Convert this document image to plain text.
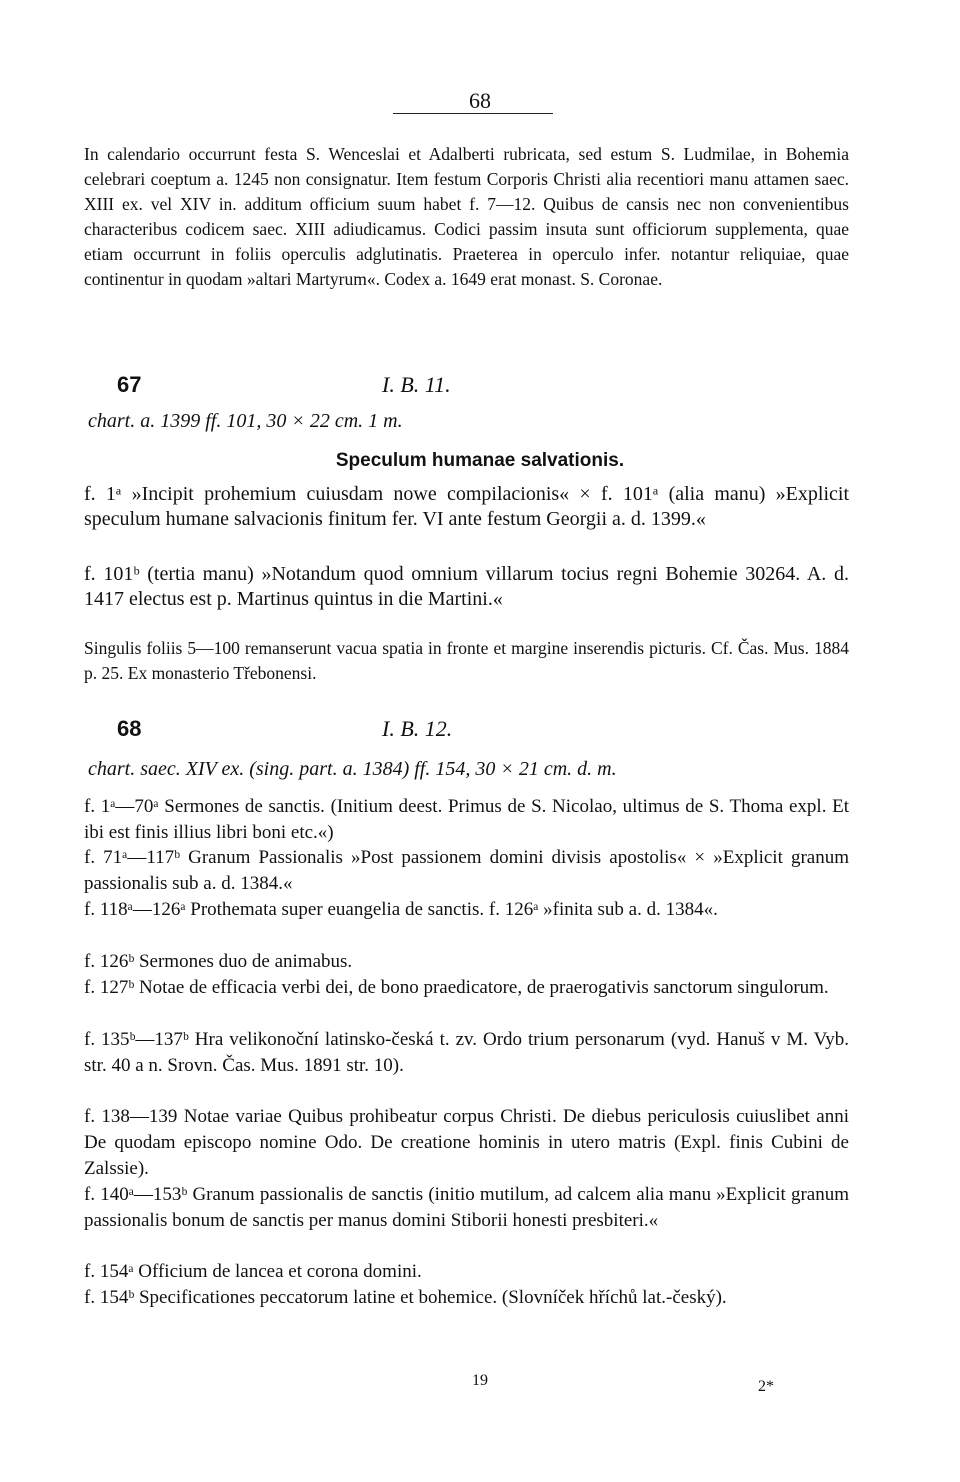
68
In calendario occurrunt festa S. Wenceslai et Adalberti rubricata, sed estum S. Ludmilae, in Bohemia celebrari coeptum a. 1245 non consignatur. Item festum Corporis Christi alia recentiori manu attamen saec. XIII ex. vel XIV in. additum officium suum habet f. 7—12. Quibus de cansis nec non convenientibus characteribus codicem saec. XIII adiudicamus. Codici passim insuta sunt officiorum supplementa, quae etiam occurrunt in foliis operculis adglutinatis. Praeterea in operculo infer. notantur reliquiae, quae continentur in quodam »altari Martyrum«. Codex a. 1649 erat monast. S. Coronae.
67	I. B. 11.
chart. a. 1399 ff. 101, 30 × 22 cm. 1 m.
Speculum humanae salvationis.
f. 1ᵃ »Incipit prohemium cuiusdam nowe compilacionis« × f. 101ᵃ (alia manu) »Explicit speculum humane salvacionis finitum fer. VI ante festum Georgii a. d. 1399.«
f. 101ᵇ (tertia manu) »Notandum quod omnium villarum tocius regni Bohemie 30264. A. d. 1417 electus est p. Martinus quintus in die Martini.«
Singulis foliis 5—100 remanserunt vacua spatia in fronte et margine inserendis picturis. Cf. Čas. Mus. 1884 p. 25. Ex monasterio Třebonensi.
68	I. B. 12.
chart. saec. XIV ex. (sing. part. a. 1384) ff. 154, 30 × 21 cm. d. m.
f. 1ᵃ—70ᵃ Sermones de sanctis. (Initium deest. Primus de S. Nicolao, ultimus de S. Thoma expl. Et ibi est finis illius libri boni etc.«)
f. 71ᵃ—117ᵇ Granum Passionalis »Post passionem domini divisis apostolis« × »Explicit granum passionalis sub a. d. 1384.«
f. 118ᵃ—126ᵃ Prothemata super euangelia de sanctis. f. 126ᵃ »finita sub a. d. 1384«.
f. 126ᵇ Sermones duo de animabus.
f. 127ᵇ Notae de efficacia verbi dei, de bono praedicatore, de praerogativis sanctorum singulorum.
f. 135ᵇ—137ᵇ Hra velikonoční latinsko-česká t. zv. Ordo trium personarum (vyd. Hanuš v M. Vyb. str. 40 a n. Srovn. Čas. Mus. 1891 str. 10).
f. 138—139 Notae variae Quibus prohibeatur corpus Christi. De diebus periculosis cuiuslibet anni De quodam episcopo nomine Odo. De creatione hominis in utero matris (Expl. finis Cubini de Zalssie).
f. 140ᵃ—153ᵇ Granum passionalis de sanctis (initio mutilum, ad calcem alia manu »Explicit granum passionalis bonum de sanctis per manus domini Stiborii honesti presbiteri.«
f. 154ᵃ Officium de lancea et corona domini.
f. 154ᵇ Specificationes peccatorum latine et bohemice. (Slovníček hříchů lat.-český).
19	2*
